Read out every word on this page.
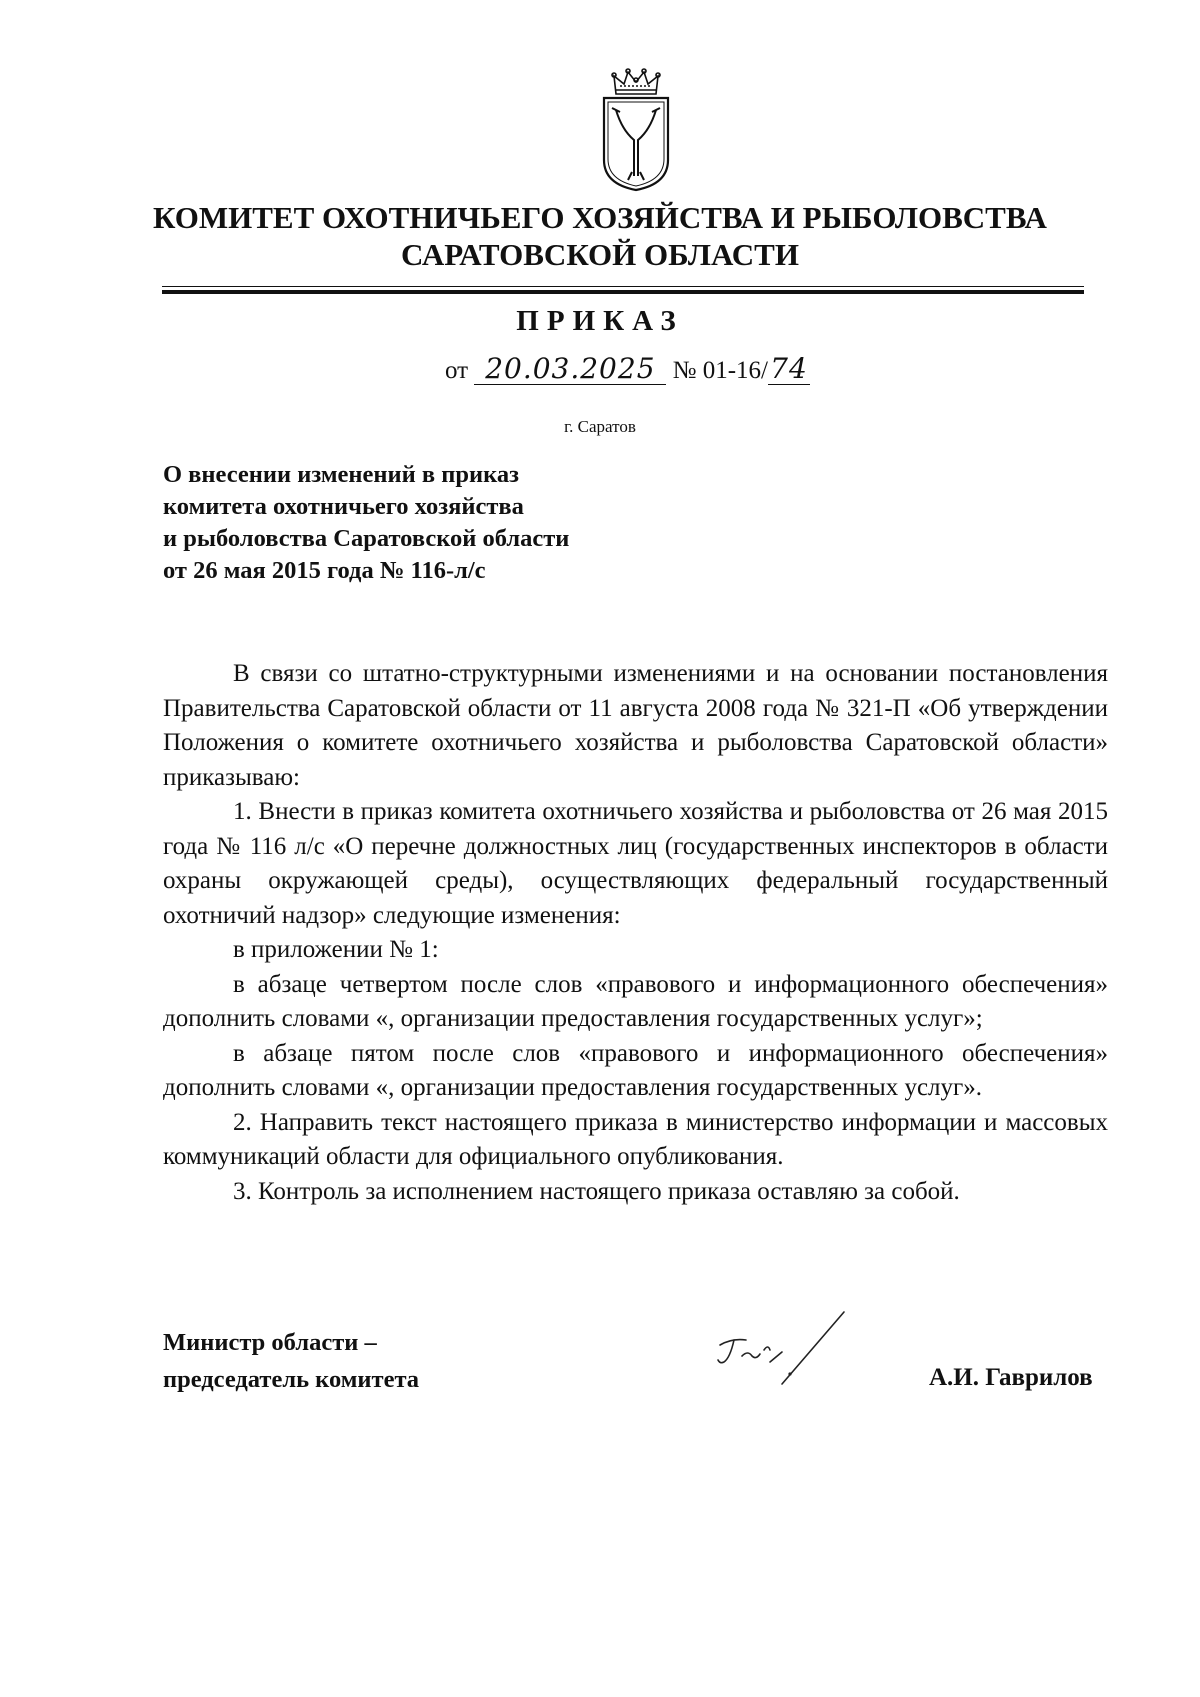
КОМИТЕТ ОХОТНИЧЬЕГО ХОЗЯЙСТВА И РЫБОЛОВСТВА
САРАТОВСКОЙ ОБЛАСТИ
ПРИКАЗ
от 20.03.2025 № 01-16/74
г. Саратов
О внесении изменений в приказ
комитета охотничьего хозяйства
и рыболовства Саратовской области
от 26 мая 2015 года № 116-л/с

В связи со штатно-структурными изменениями и на основании постановления Правительства Саратовской области от 11 августа 2008 года № 321-П «Об утверждении Положения о комитете охотничьего хозяйства и рыболовства Саратовской области» приказываю:

1. Внести в приказ комитета охотничьего хозяйства и рыболовства от 26 мая 2015 года № 116 л/с «О перечне должностных лиц (государственных инспекторов в области охраны окружающей среды), осуществляющих федеральный государственный охотничий надзор» следующие изменения:

в приложении № 1:

в абзаце четвертом после слов «правового и информационного обеспечения» дополнить словами «, организации предоставления государственных услуг»;

в абзаце пятом после слов «правового и информационного обеспечения» дополнить словами «, организации предоставления государственных услуг».

2. Направить текст настоящего приказа в министерство информации и массовых коммуникаций области для официального опубликования.

3. Контроль за исполнением настоящего приказа оставляю за собой.

Министр области –
председатель комитета	А.И. Гаврилов
